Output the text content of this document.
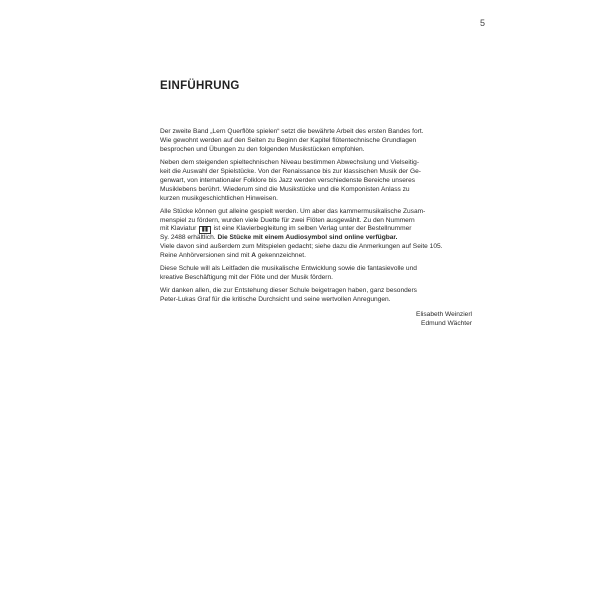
5
EINFÜHRUNG

Der zweite Band „Lern Querflöte spielen“ setzt die bewährte Arbeit des ersten Bandes fort.
Wie gewohnt werden auf den Seiten zu Beginn der Kapitel flötentechnische Grundlagen
besprochen und Übungen zu den folgenden Musikstücken empfohlen.

Neben dem steigenden spieltechnischen Niveau bestimmen Abwechslung und Vielseitig-
keit die Auswahl der Spielstücke. Von der Renaissance bis zur klassischen Musik der Ge-
genwart, von internationaler Folklore bis Jazz werden verschiedenste Bereiche unseres
Musiklebens berührt. Wiederum sind die Musikstücke und die Komponisten Anlass zu
kurzen musikgeschichtlichen Hinweisen.

Alle Stücke können gut alleine gespielt werden. Um aber das kammermusikalische Zusam-
menspiel zu fördern, wurden viele Duette für zwei Flöten ausgewählt. Zu den Nummern
mit Klaviatur ▮▮ ist eine Klavierbegleitung im selben Verlag unter der Bestellnummer
Sy. 2488 erhältlich. Die Stücke mit einem Audiosymbol sind online verfügbar.
Viele davon sind außerdem zum Mitspielen gedacht; siehe dazu die Anmerkungen auf Seite 105.
Reine Anhörversionen sind mit A gekennzeichnet.

Diese Schule will als Leitfaden die musikalische Entwicklung sowie die fantasievolle und
kreative Beschäftigung mit der Flöte und der Musik fördern.

Wir danken allen, die zur Entstehung dieser Schule beigetragen haben, ganz besonders
Peter-Lukas Graf für die kritische Durchsicht und seine wertvollen Anregungen.

Elisabeth Weinzierl
Edmund Wächter
